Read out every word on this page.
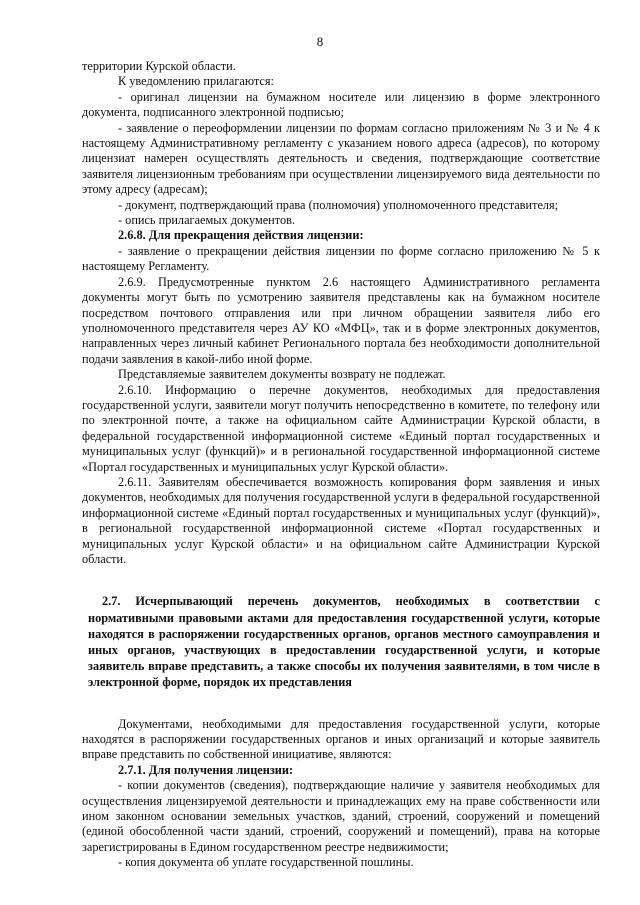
8

территории Курской области.

К уведомлению прилагаются:

- оригинал лицензии на бумажном носителе или лицензию в форме электронного документа, подписанного электронной подписью;

- заявление о переоформлении лицензии по формам согласно приложениям № 3 и № 4 к настоящему Административному регламенту с указанием нового адреса (адресов), по которому лицензиат намерен осуществлять деятельность и сведения, подтверждающие соответствие заявителя лицензионным требованиям при осуществлении лицензируемого вида деятельности по этому адресу (адресам);

- документ, подтверждающий права (полномочия) уполномоченного представителя;

- опись прилагаемых документов.

2.6.8. Для прекращения действия лицензии:

- заявление о прекращении действия лицензии по форме согласно приложению № 5 к настоящему Регламенту.

2.6.9. Предусмотренные пунктом 2.6 настоящего Административного регламента документы могут быть по усмотрению заявителя представлены как на бумажном носителе посредством почтового отправления или при личном обращении заявителя либо его уполномоченного представителя через АУ КО «МФЦ», так и в форме электронных документов, направленных через личный кабинет Регионального портала без необходимости дополнительной подачи заявления в какой-либо иной форме.

Представляемые заявителем документы возврату не подлежат.

2.6.10. Информацию о перечне документов, необходимых для предоставления государственной услуги, заявители могут получить непосредственно в комитете, по телефону или по электронной почте, а также на официальном сайте Администрации Курской области, в федеральной государственной информационной системе «Единый портал государственных и муниципальных услуг (функций)» и в региональной государственной информационной системе «Портал государственных и муниципальных услуг Курской области».

2.6.11. Заявителям обеспечивается возможность копирования форм заявления и иных документов, необходимых для получения государственной услуги в федеральной государственной информационной системе «Единый портал государственных и муниципальных услуг (функций)», в региональной государственной информационной системе «Портал государственных и муниципальных услуг Курской области» и на официальном сайте Администрации Курской области.

2.7. Исчерпывающий перечень документов, необходимых в соответствии с нормативными правовыми актами для предоставления государственной услуги, которые находятся в распоряжении государственных органов, органов местного самоуправления и иных органов, участвующих в предоставлении государственной услуги, и которые заявитель вправе представить, а также способы их получения заявителями, в том числе в электронной форме, порядок их представления

Документами, необходимыми для предоставления государственной услуги, которые находятся в распоряжении государственных органов и иных организаций и которые заявитель вправе представить по собственной инициативе, являются:

2.7.1. Для получения лицензии:

- копии документов (сведения), подтверждающие наличие у заявителя необходимых для осуществления лицензируемой деятельности и принадлежащих ему на праве собственности или ином законном основании земельных участков, зданий, строений, сооружений и помещений (единой обособленной части зданий, строений, сооружений и помещений), права на которые зарегистрированы в Едином государственном реестре недвижимости;

- копия документа об уплате государственной пошлины.
